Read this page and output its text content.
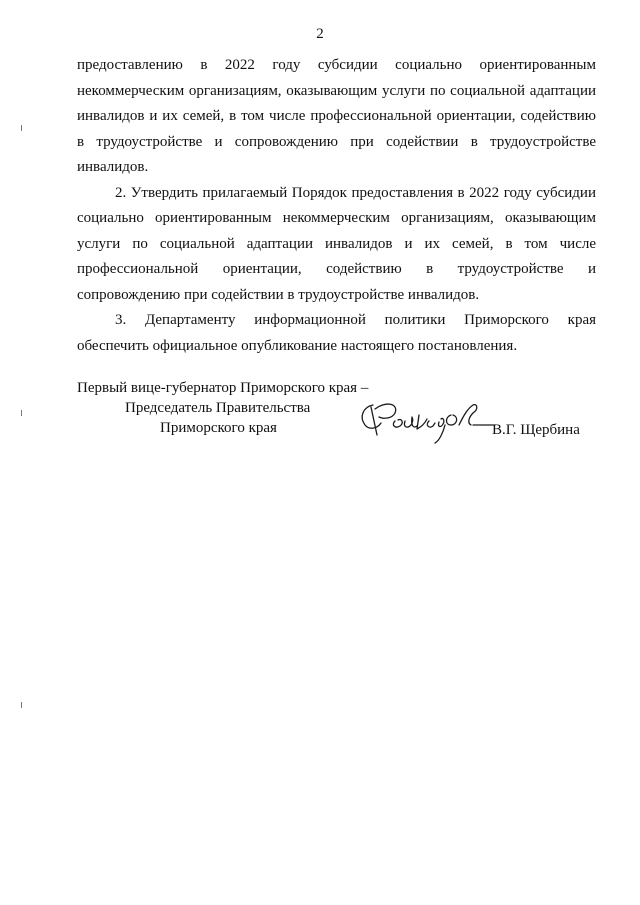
2

предоставлению в 2022 году субсидии социально ориентированным
некоммерческим организациям, оказывающим услуги по социальной адаптации
инвалидов и их семей, в том числе профессиональной ориентации, содействию в трудоустройстве и сопровождению при содействии в трудоустройстве инвалидов.

2. Утвердить прилагаемый Порядок предоставления в 2022 году субсидии социально ориентированным некоммерческим организациям, оказывающим услуги по социальной адаптации инвалидов и их семей, в том числе профессиональной ориентации, содействию в трудоустройстве и сопровождению при содействии в трудоустройстве инвалидов.

3. Департаменту информационной политики Приморского края обеспечить официальное опубликование настоящего постановления.

Первый вице-губернатор Приморского края –
Председатель Правительства
Приморского края	В.Г. Щербина
